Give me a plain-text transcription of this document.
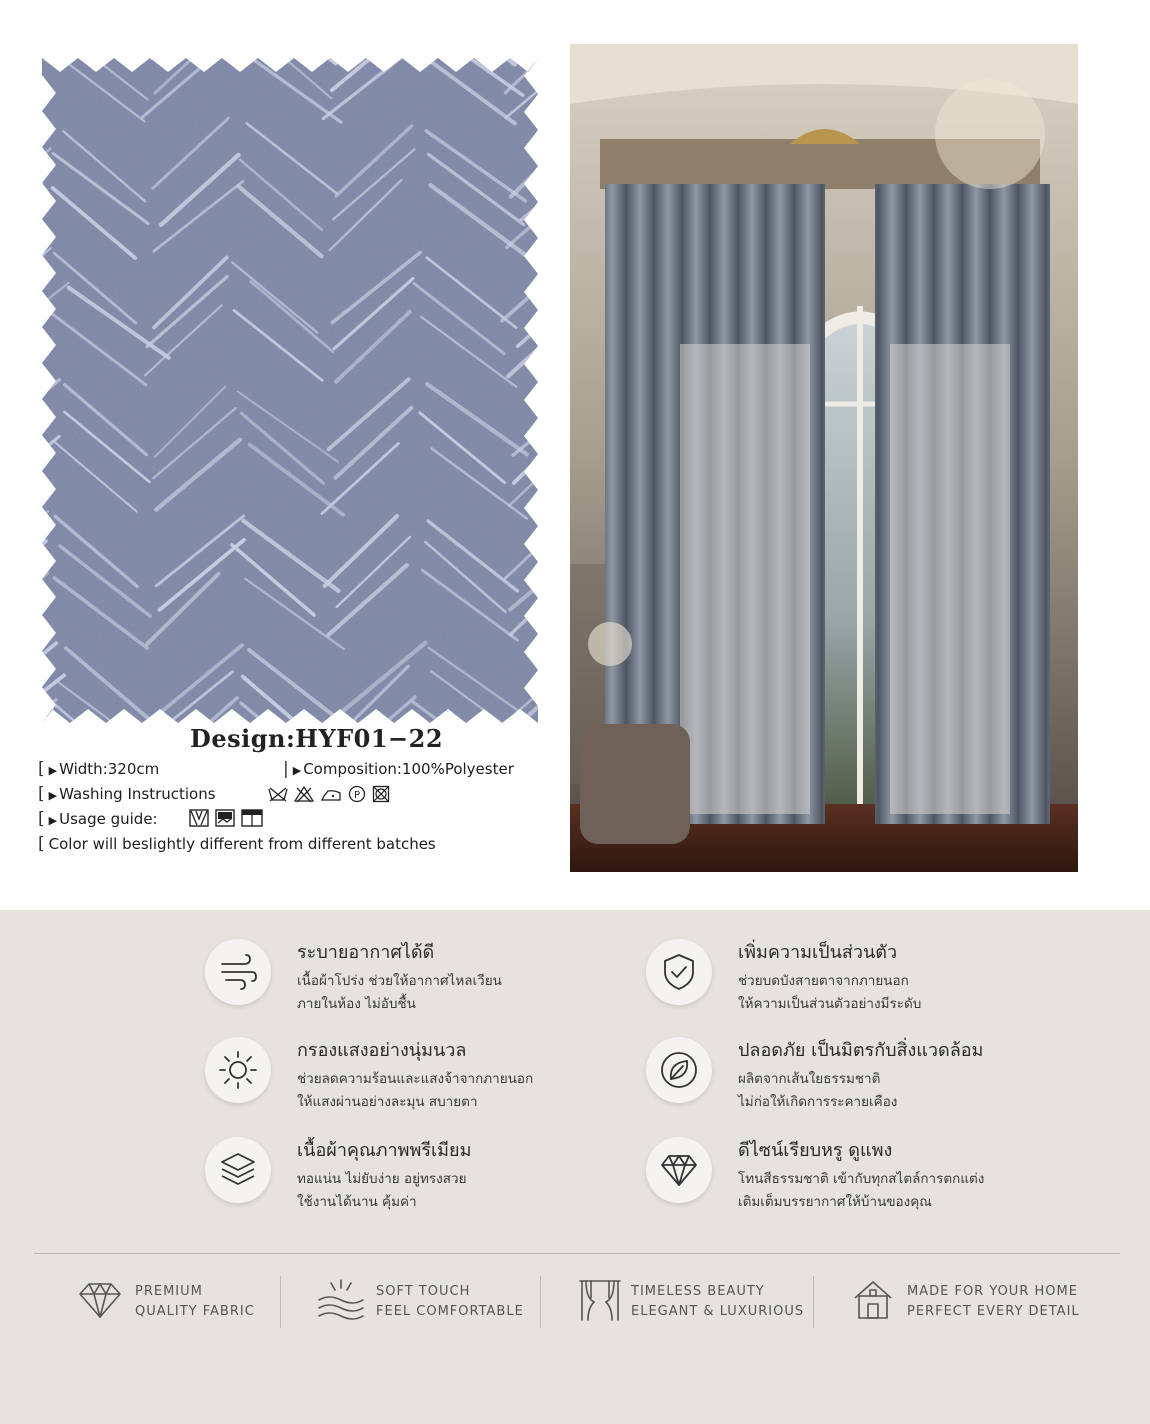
Design:HYF01−22
[ ▶ Width:320cm	| ▶ Composition:100%Polyester
[ ▶ Washing Instructions	P
[ ▶ Usage guide:
[ Color will beslightly different from different batches
ระบายอากาศได้ดี
เนื้อผ้าโปร่ง ช่วยให้อากาศไหลเวียน
ภายในห้อง ไม่อับชื้น
กรองแสงอย่างนุ่มนวล
ช่วยลดความร้อนและแสงจ้าจากภายนอก
ให้แสงผ่านอย่างละมุน สบายตา
เนื้อผ้าคุณภาพพรีเมียม
ทอแน่น ไม่ยับง่าย อยู่ทรงสวย
ใช้งานได้นาน คุ้มค่า
เพิ่มความเป็นส่วนตัว
ช่วยบดบังสายตาจากภายนอก
ให้ความเป็นส่วนตัวอย่างมีระดับ
ปลอดภัย เป็นมิตรกับสิ่งแวดล้อม
ผลิตจากเส้นใยธรรมชาติ
ไม่ก่อให้เกิดการระคายเคือง
ดีไซน์เรียบหรู ดูแพง
โทนสีธรรมชาติ เข้ากับทุกสไตล์การตกแต่ง
เติมเต็มบรรยากาศให้บ้านของคุณ
PREMIUM
QUALITY FABRIC
SOFT TOUCH
FEEL COMFORTABLE
TIMELESS BEAUTY
ELEGANT & LUXURIOUS
MADE FOR YOUR HOME
PERFECT EVERY DETAIL
